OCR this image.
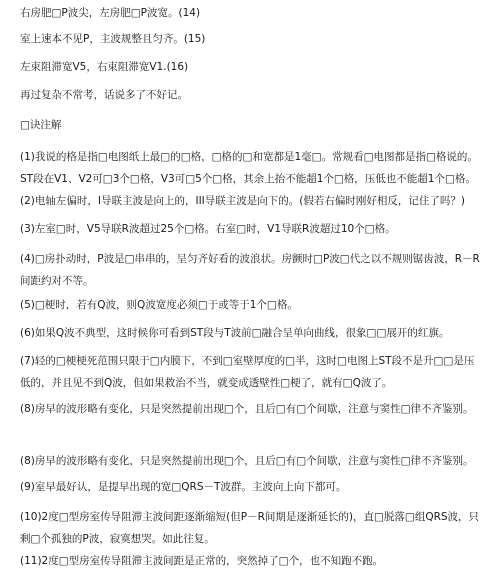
右房肥□P波尖，左房肥□P波宽。(14)
室上速本不见P，主波规整且匀齐。(15)
左束阻滞宽V5，右束阻滞宽V1.(16)
再过复杂不常考，话说多了不好记。
□诀注解
(1)我说的格是指□电图纸上最□的□格，□格的□和宽都是1毫□。常规看□电图都是指□格说的。ST段在V1、V2可□3个□格，V3可□5个□格，其余上抬不能超1个□格，压低也不能超1个□格。
(2)电轴左偏时，I导联主波是向上的，III导联主波是向下的。(假若右偏时刚好相反，记住了吗？)
(3)左室□时，V5导联R波超过25个□格。右室□时，V1导联R波超过10个□格。
(4)□房扑动时，P波是□串串的，呈匀齐好看的波浪状。房颤时□P波□代之以不规则锯齿波，R－R间距约对不等。
(5)□梗时，若有Q波，则Q波宽度必须□于或等于1个□格。
(6)如果Q波不典型，这时候你可看到ST段与T波前□融合呈单向曲线，很象□□展开的红旗。
(7)轻的□梗梗死范围只限于□内膜下，不到□室壁厚度的□半，这时□电图上ST段不是升□□是压低的，并且见不到Q波，但如果救治不当，就变成透壁性□梗了，就有□Q波了。
(8)房早的波形略有变化，只是突然提前出现□个，且后□有□个间歇，注意与窦性□律不齐鉴别。
(8)房早的波形略有变化，只是突然提前出现□个，且后□有□个间歇，注意与窦性□律不齐鉴别。
(9)室早最好认，是提早出现的宽□QRS－T波群。主波向上向下都可。
(10)2度□型房室传导阻滞主波间距逐渐缩短(但P－R间期是逐渐延长的)，直□脱落□组QRS波，只剩□个孤独的P波，寂寞想哭。如此往复。
(11)2度□型房室传导阻滞主波间距是正常的，突然掉了□个，也不知跑不跑。
